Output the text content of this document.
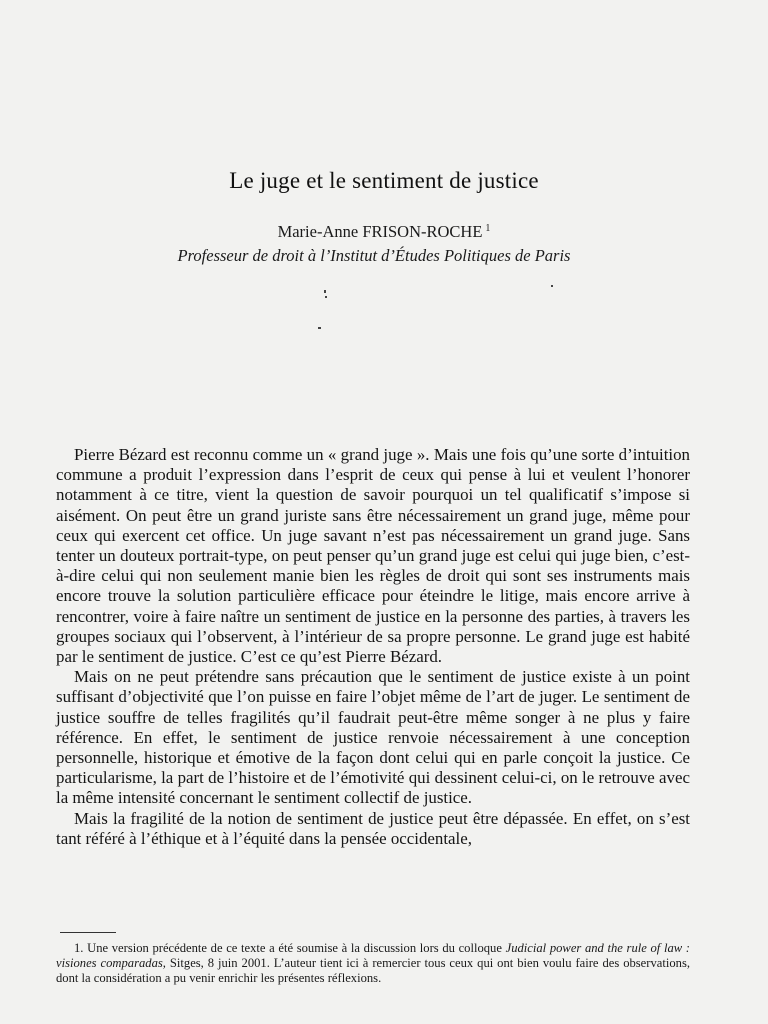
Le juge et le sentiment de justice
Marie-Anne FRISON-ROCHE $^1$
Professeur de droit à l’Institut d’Études Politiques de Paris

Pierre Bézard est reconnu comme un « grand juge ». Mais une fois qu’une sorte d’intuition commune a produit l’expression dans l’esprit de ceux qui pense à lui et veulent l’honorer notamment à ce titre, vient la question de savoir pourquoi un tel qualificatif s’impose si aisément. On peut être un grand juriste sans être nécessairement un grand juge, même pour ceux qui exercent cet office. Un juge savant n’est pas nécessairement un grand juge. Sans tenter un douteux portrait-type, on peut penser qu’un grand juge est celui qui juge bien, c’est-à-dire celui qui non seulement manie bien les règles de droit qui sont ses instruments mais encore trouve la solution particulière efficace pour éteindre le litige, mais encore arrive à rencontrer, voire à faire naître un sentiment de justice en la personne des parties, à travers les groupes sociaux qui l’observent, à l’intérieur de sa propre personne. Le grand juge est habité par le sentiment de justice. C’est ce qu’est Pierre Bézard.

Mais on ne peut prétendre sans précaution que le sentiment de justice existe à un point suffisant d’objectivité que l’on puisse en faire l’objet même de l’art de juger. Le sentiment de justice souffre de telles fragilités qu’il faudrait peut-être même songer à ne plus y faire référence. En effet, le sentiment de justice renvoie nécessairement à une conception personnelle, historique et émotive de la façon dont celui qui en parle conçoit la justice. Ce particularisme, la part de l’histoire et de l’émotivité qui dessinent celui-ci, on le retrouve avec la même intensité concernant le sentiment collectif de justice.

Mais la fragilité de la notion de sentiment de justice peut être dépassée. En effet, on s’est tant référé à l’éthique et à l’équité dans la pensée occidentale,

1. Une version précédente de ce texte a été soumise à la discussion lors du colloque Judicial power and the rule of law : visiones comparadas, Sitges, 8 juin 2001. L’auteur tient ici à remercier tous ceux qui ont bien voulu faire des observations, dont la considération a pu venir enrichir les présentes réflexions.
